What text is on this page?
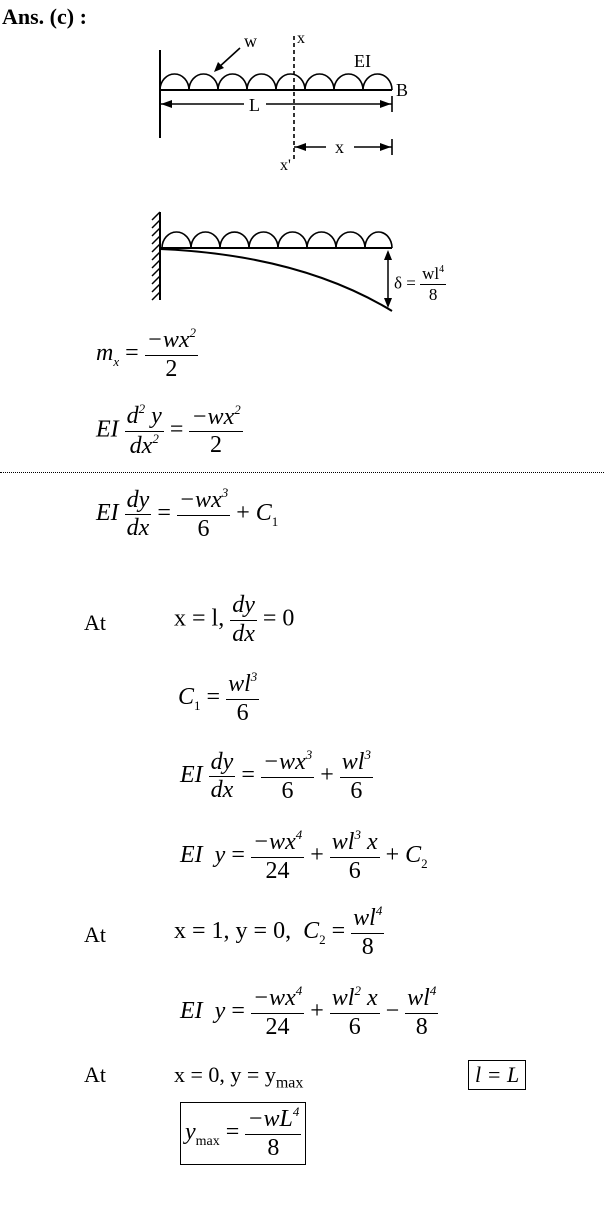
Ans. (c) :
w	x
x'
EI
B
L
x
$\delta = \frac{wl^4}{8}$
$m_x = \frac{-wx^2}{2}$
EI $\frac{d^2 y}{dx^2} = \frac{-wx^2}{2}$
EI $\frac{dy}{dx} = \frac{-wx^3}{6} + C_1$
At	x = l, $\frac{dy}{dx} = 0$
$C_1 = \frac{wl^3}{6}$
EI $\frac{dy}{dx} = \frac{-wx^3}{6} + \frac{wl^3}{6}$
EI  $y = \frac{-wx^4}{24} + \frac{wl^3 x}{6} + C_2$
At	x = 1, y = 0, $C_2 = \frac{wl^4}{8}$
EI  $y = \frac{-wx^4}{24} + \frac{wl^2 x}{6} - \frac{wl^4}{8}$
At	x = 0, $y = y_{max}$	l = L
$y_{max} = \frac{-wL^4}{8}$
